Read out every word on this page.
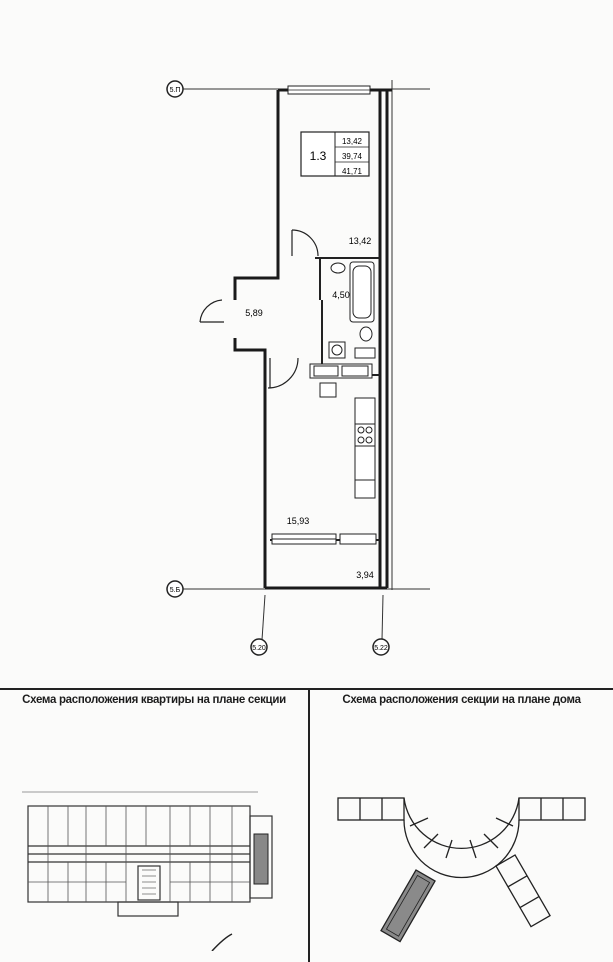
5.П
5.Б
5.20	5.22
1.3
13,42
39,74
41,71
13,42
4,50
5,89
15,93
3,94
Схема расположения квартиры на плане секции	Схема расположения секции на плане дома
